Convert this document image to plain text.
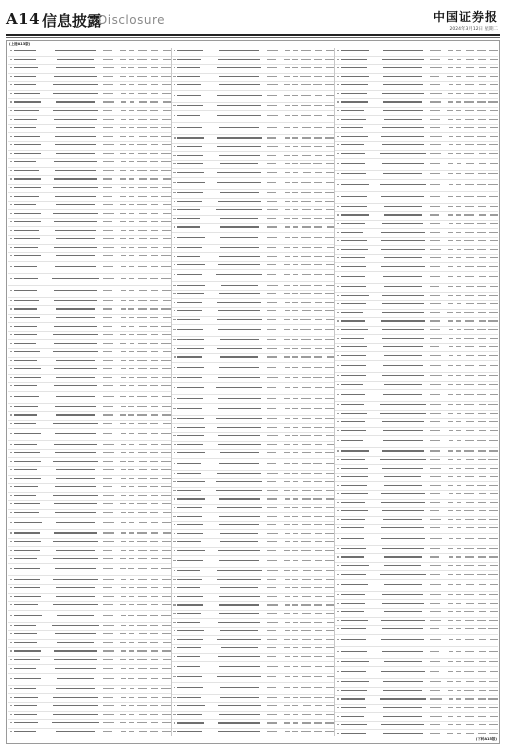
A14 信息披露
Disclosure	中国证券报
2024年3月12日 星期二
(上接A13版)
(下转A15版)
